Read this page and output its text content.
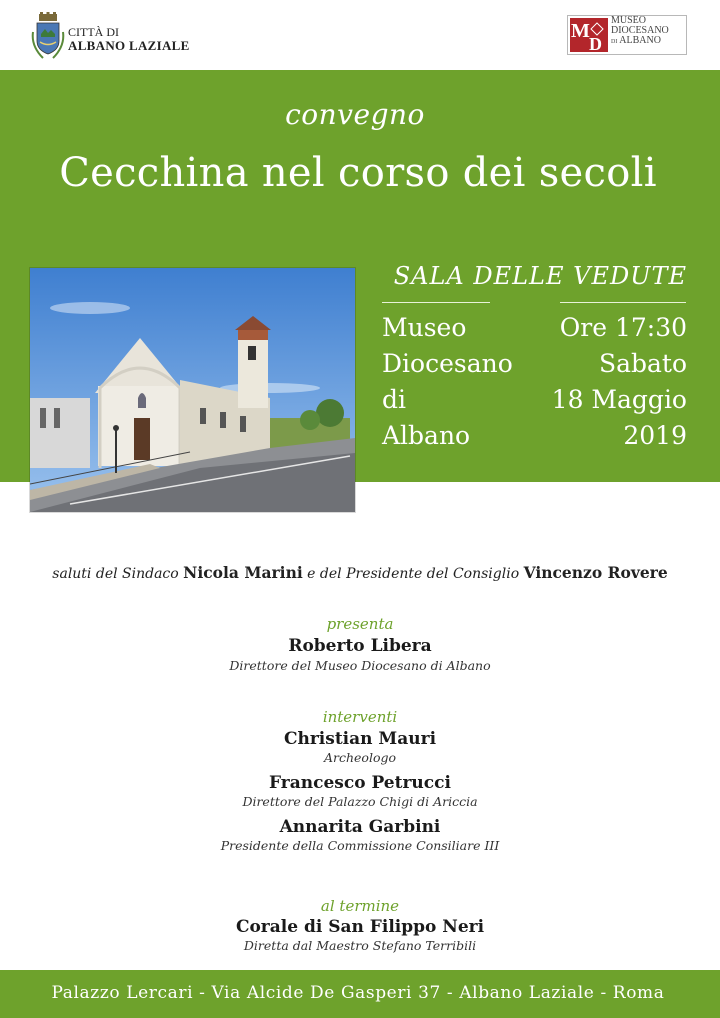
CITTÀ DI
ALBANO LAZIALE
M
D
MUSEO
DIOCESANO
DI ALBANO
convegno
Cecchina nel corso dei secoli
SALA DELLE VEDUTE
Museo
Diocesano
di
Albano
Ore 17:30
Sabato
18 Maggio
2019
saluti del Sindaco Nicola Marini e del Presidente del Consiglio Vincenzo Rovere
presenta
Roberto Libera
Direttore del Museo Diocesano di Albano
interventi
Christian Mauri
Archeologo
Francesco Petrucci
Direttore del Palazzo Chigi di Ariccia
Annarita Garbini
Presidente della Commissione Consiliare III
al termine
Corale di San Filippo Neri
Diretta dal Maestro Stefano Terribili
Palazzo Lercari - Via Alcide De Gasperi 37 - Albano Laziale - Roma
